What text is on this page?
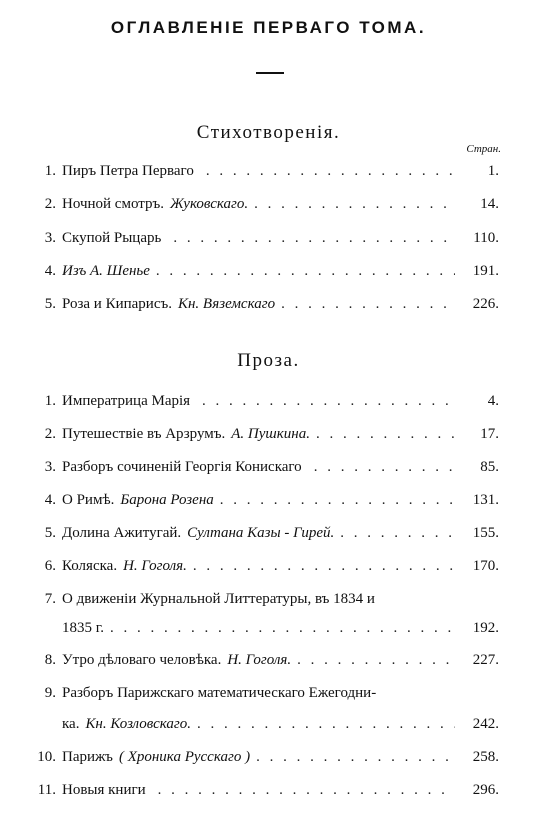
ОГЛАВЛЕНIЕ ПЕРВАГО ТОМА.
Стихотворенiя.
Стран.
1. Пиръ Петра Перваго . . .	1.
2. Ночной смотръ. Жуковскаго. . . .	14.
3. Скупой Рыцарь . . .	110.
4. Изъ А. Шенье . . .	191.
5. Роза и Кипарисъ. Кн. Вяземскаго . . .	226.
Проза.
1. Императрица Марiя . . .	4.
2. Путешествiе въ Арзрумъ. А. Пушкина. . . .	17.
3. Разборъ сочиненiй Георгiя Конискаго . . .	85.
4. О Римѣ. Барона Розена . . .	131.
5. Долина Ажитугай. Султана Казы - Гирей. . . .	155.
6. Коляска. Н. Гоголя. . . .	170.
7. О движенiи Журнальной Литтературы, въ 1834 и
1835 г. . . .	192.
8. Утро дѣловаго человѣка. Н. Гоголя. . . .	227.
9. Разборъ Парижскаго математическаго Ежегодни-
ка. Кн. Козловскаго. . . .	242.
10. Парижъ ( Хроника Русскаго ) . . .	258.
11. Новыя книги . . .	296.
